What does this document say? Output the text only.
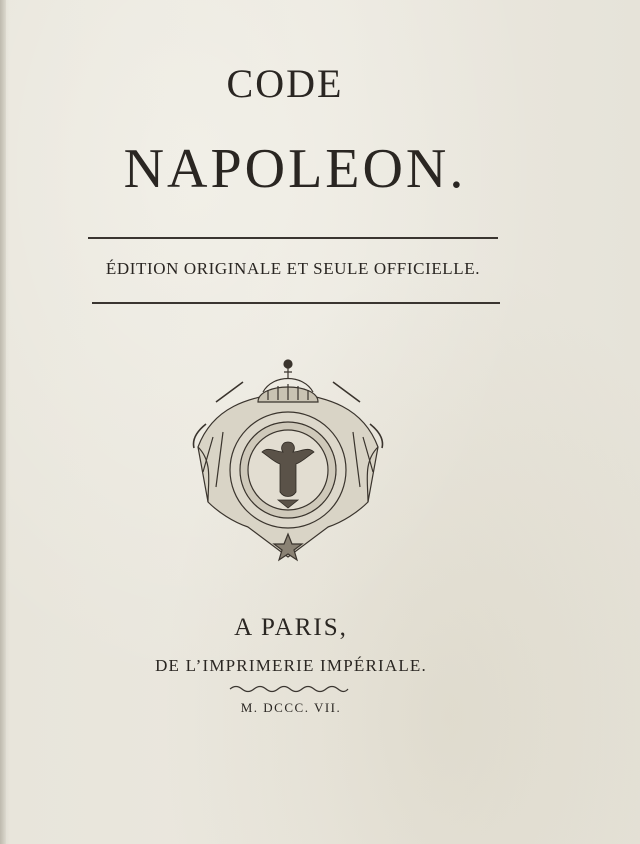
CODE
NAPOLEON.
ÉDITION ORIGINALE ET SEULE OFFICIELLE.
A PARIS,
DE L’IMPRIMERIE IMPÉRIALE.
M. DCCC. VII.
